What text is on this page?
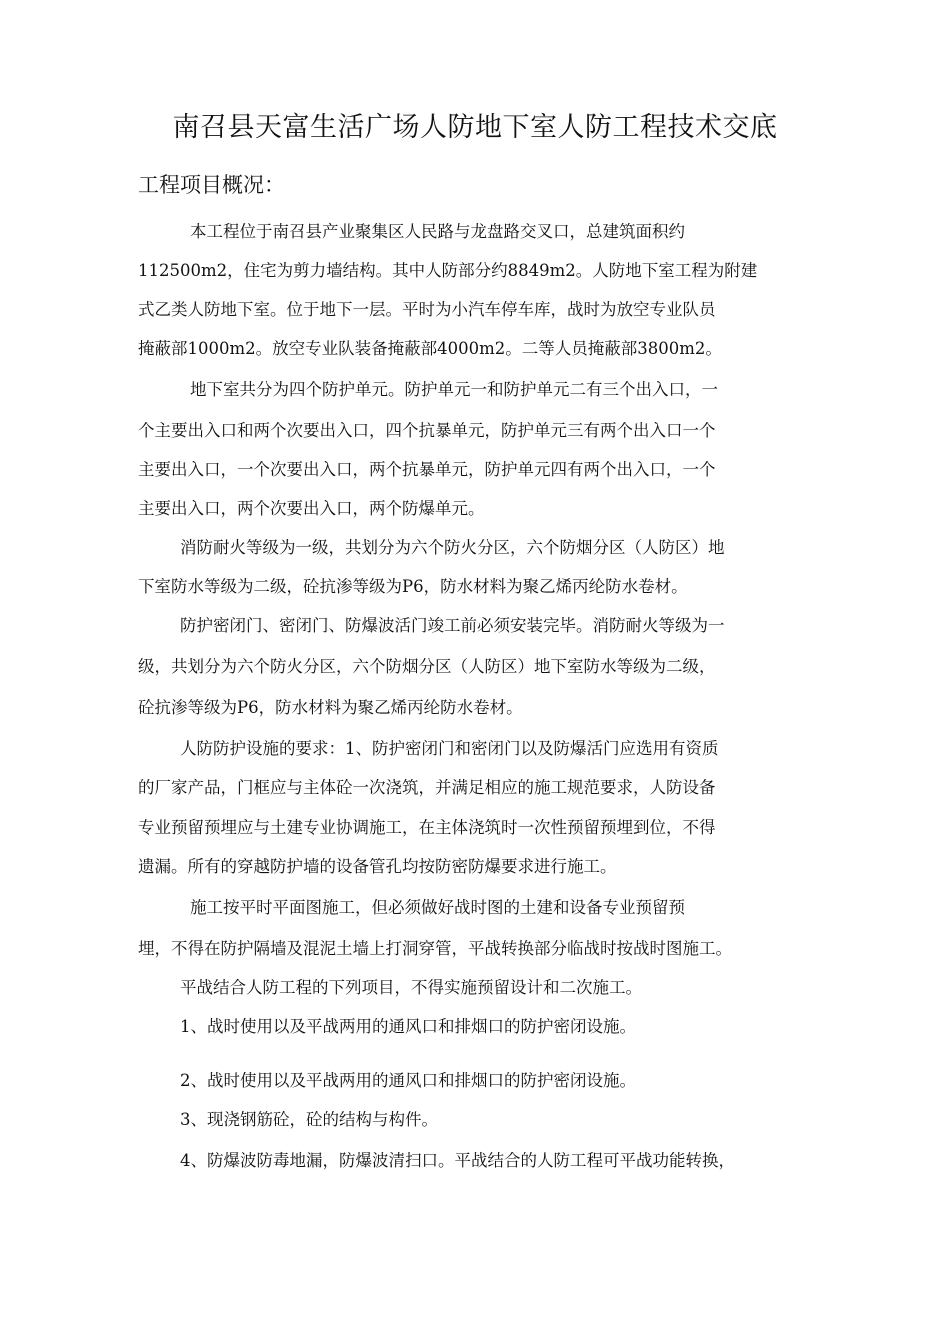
南召县天富生活广场人防地下室人防工程技术交底
工程项目概况：
本工程位于南召县产业聚集区人民路与龙盘路交叉口，总建筑面积约
112500m2，住宅为剪力墙结构。其中人防部分约8849m2。人防地下室工程为附建
式乙类人防地下室。位于地下一层。平时为小汽车停车库，战时为放空专业队员
掩蔽部1000m2。放空专业队装备掩蔽部4000m2。二等人员掩蔽部3800m2。
地下室共分为四个防护单元。防护单元一和防护单元二有三个出入口，一
个主要出入口和两个次要出入口，四个抗暴单元，防护单元三有两个出入口一个
主要出入口，一个次要出入口，两个抗暴单元，防护单元四有两个出入口，一个
主要出入口，两个次要出入口，两个防爆单元。
消防耐火等级为一级，共划分为六个防火分区，六个防烟分区（人防区）地
下室防水等级为二级，砼抗渗等级为P6，防水材料为聚乙烯丙纶防水卷材。
防护密闭门、密闭门、防爆波活门竣工前必须安装完毕。消防耐火等级为一
级，共划分为六个防火分区，六个防烟分区（人防区）地下室防水等级为二级，
砼抗渗等级为P6，防水材料为聚乙烯丙纶防水卷材。
人防防护设施的要求：1、防护密闭门和密闭门以及防爆活门应选用有资质
的厂家产品，门框应与主体砼一次浇筑，并满足相应的施工规范要求，人防设备
专业预留预埋应与土建专业协调施工，在主体浇筑时一次性预留预埋到位，不得
遗漏。所有的穿越防护墙的设备管孔均按防密防爆要求进行施工。
施工按平时平面图施工，但必须做好战时图的土建和设备专业预留预
埋，不得在防护隔墙及混泥土墙上打洞穿管，平战转换部分临战时按战时图施工。
平战结合人防工程的下列项目，不得实施预留设计和二次施工。
1、战时使用以及平战两用的通风口和排烟口的防护密闭设施。
2、战时使用以及平战两用的通风口和排烟口的防护密闭设施。
3、现浇钢筋砼，砼的结构与构件。
4、防爆波防毒地漏，防爆波清扫口。平战结合的人防工程可平战功能转换，
